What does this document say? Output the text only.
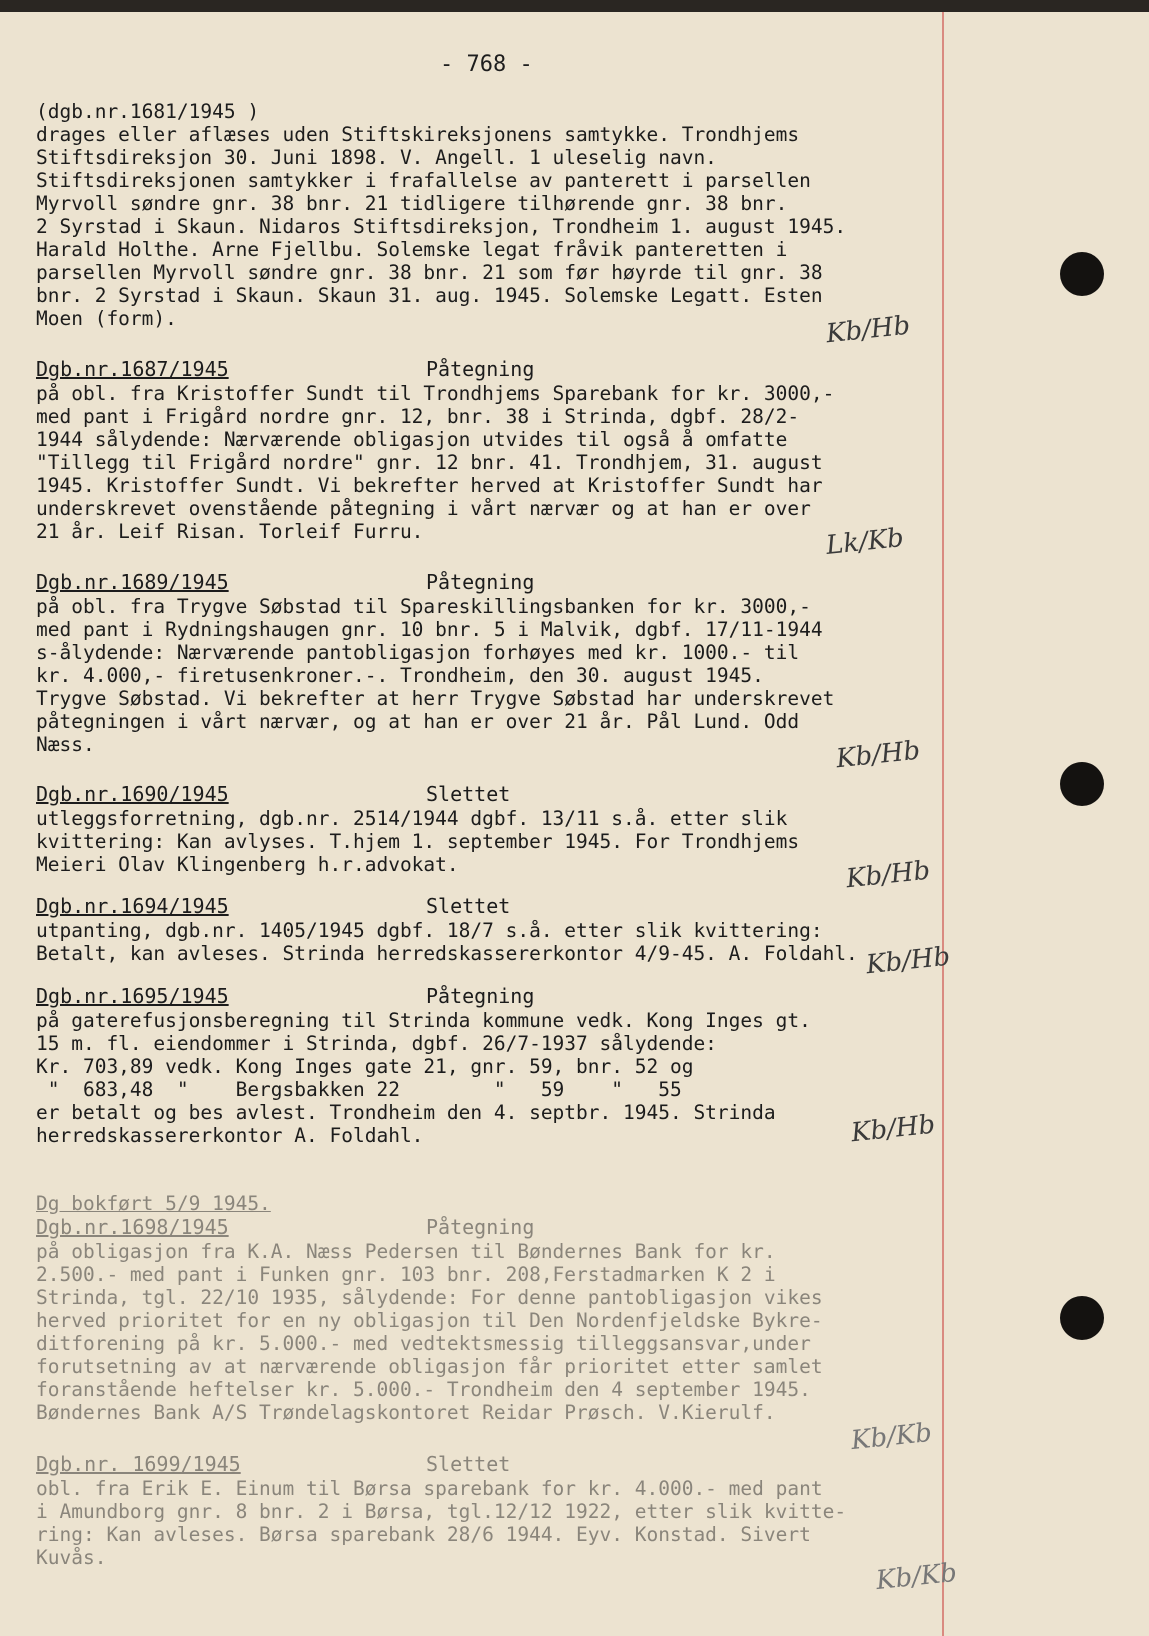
- 768 -
(dgb.nr.1681/1945 )
drages eller aflæses uden Stiftskireksjonens samtykke. Trondhjems
Stiftsdireksjon 30. Juni 1898. V. Angell. 1 uleselig navn.
Stiftsdireksjonen samtykker i frafallelse av panterett i parsellen
Myrvoll søndre gnr. 38 bnr. 21 tidligere tilhørende gnr. 38 bnr.
2 Syrstad i Skaun. Nidaros Stiftsdireksjon, Trondheim 1. august 1945.
Harald Holthe. Arne Fjellbu. Solemske legat fråvik panteretten i
parsellen Myrvoll søndre gnr. 38 bnr. 21 som før høyrde til gnr. 38
bnr. 2 Syrstad i Skaun. Skaun 31. aug. 1945. Solemske Legatt. Esten
Moen (form).	Kb/Hb
Dgb.nr.1687/1945	Påtegning
på obl. fra Kristoffer Sundt til Trondhjems Sparebank for kr. 3000,-
med pant i Frigård nordre gnr. 12, bnr. 38 i Strinda, dgbf. 28/2-
1944 sålydende: Nærværende obligasjon utvides til også å omfatte
"Tillegg til Frigård nordre" gnr. 12 bnr. 41. Trondhjem, 31. august
1945. Kristoffer Sundt. Vi bekrefter herved at Kristoffer Sundt har
underskrevet ovenstående påtegning i vårt nærvær og at han er over
21 år. Leif Risan. Torleif Furru.	Lk/Kb
Dgb.nr.1689/1945	Påtegning
på obl. fra Trygve Søbstad til Spareskillingsbanken for kr. 3000,-
med pant i Rydningshaugen gnr. 10 bnr. 5 i Malvik, dgbf. 17/11-1944
s-ålydende: Nærværende pantobligasjon forhøyes med kr. 1000.- til
kr. 4.000,- firetusenkroner.-. Trondheim, den 30. august 1945.
Trygve Søbstad. Vi bekrefter at herr Trygve Søbstad har underskrevet
påtegningen i vårt nærvær, og at han er over 21 år. Pål Lund. Odd
Næss.	Kb/Hb
Dgb.nr.1690/1945	Slettet
utleggsforretning, dgb.nr. 2514/1944 dgbf. 13/11 s.å. etter slik
kvittering: Kan avlyses. T.hjem 1. september 1945. For Trondhjems
Meieri Olav Klingenberg h.r.advokat.	Kb/Hb
Dgb.nr.1694/1945	Slettet
utpanting, dgb.nr. 1405/1945 dgbf. 18/7 s.å. etter slik kvittering:
Betalt, kan avleses. Strinda herredskassererkontor 4/9-45. A. Foldahl. Kb/Hb
Dgb.nr.1695/1945	Påtegning
på gaterefusjonsberegning til Strinda kommune vedk. Kong Inges gt.
15 m. fl. eiendommer i Strinda, dgbf. 26/7-1937 sålydende:
Kr. 703,89 vedk. Kong Inges gate 21, gnr. 59, bnr. 52 og
"  683,48  "    Bergsbakken 22        "   59    "   55
er betalt og bes avlest. Trondheim den 4. septbr. 1945. Strinda
herredskassererkontor A. Foldahl.	Kb/Hb
Dg bokført 5/9 1945.
Dgb.nr.1698/1945	Påtegning
på obligasjon fra K.A. Næss Pedersen til Bøndernes Bank for kr.
2.500.- med pant i Funken gnr. 103 bnr. 208,Ferstadmarken K 2 i
Strinda, tgl. 22/10 1935, sålydende: For denne pantobligasjon vikes
herved prioritet for en ny obligasjon til Den Nordenfjeldske Bykre-
ditforening på kr. 5.000.- med vedtektsmessig tilleggsansvar,under
forutsetning av at nærværende obligasjon får prioritet etter samlet
foranstående heftelser kr. 5.000.- Trondheim den 4 september 1945.
Bøndernes Bank A/S Trøndelagskontoret Reidar Prøsch. V.Kierulf.
Kb/Kb
Dgb.nr. 1699/1945	Slettet
obl. fra Erik E. Einum til Børsa sparebank for kr. 4.000.- med pant
i Amundborg gnr. 8 bnr. 2 i Børsa, tgl.12/12 1922, etter slik kvitte-
ring: Kan avleses. Børsa sparebank 28/6 1944. Eyv. Konstad. Sivert
Kuvås.
Kb/Kb
